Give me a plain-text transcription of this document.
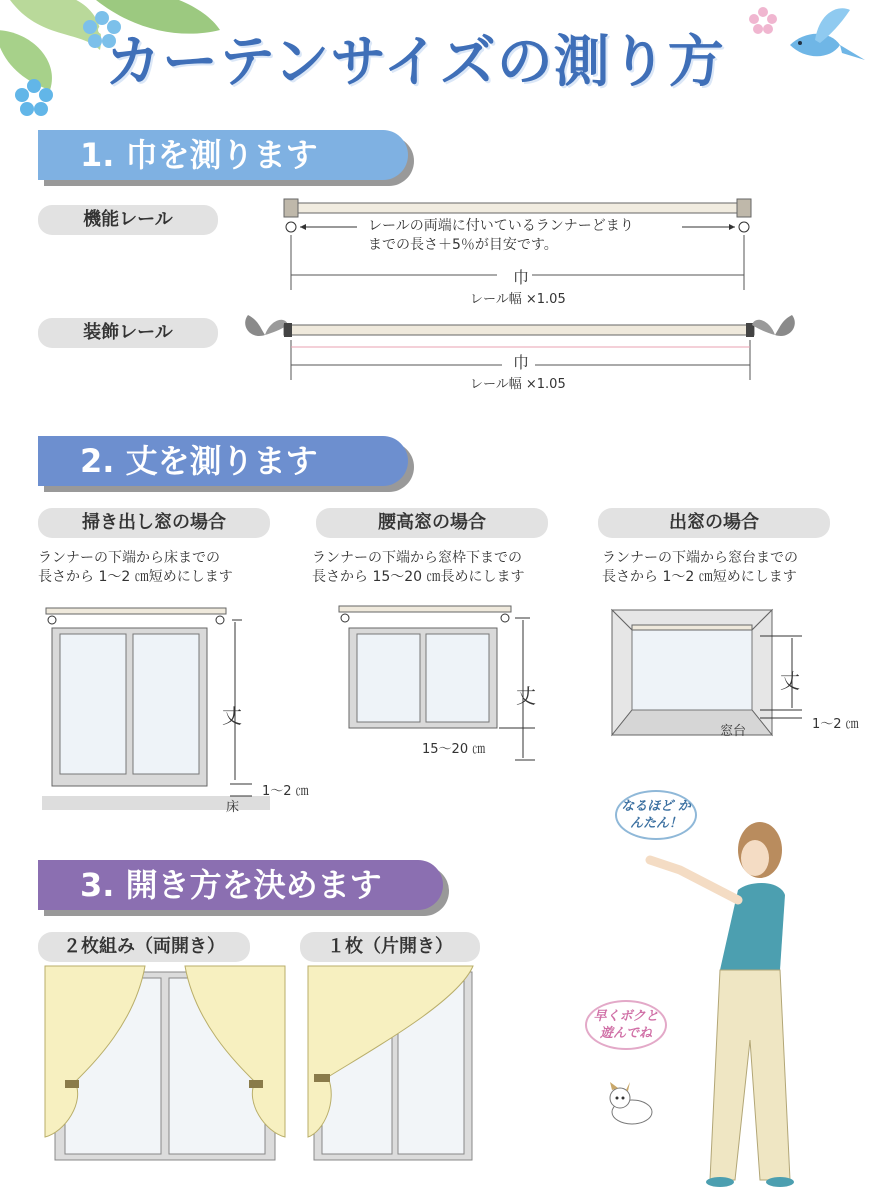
カーテンサイズの測り方
1. 巾を測ります
機能レール	レールの両端に付いているランナーどまり
までの長さ＋5％が目安です。
巾
レール幅 ×1.05
装飾レール
巾
レール幅 ×1.05
2. 丈を測ります
掃き出し窓の場合
ランナーの下端から床までの
長さから 1～2 ㎝短めにします
丈
1～2 ㎝
床
腰高窓の場合
ランナーの下端から窓枠下までの
長さから 15～20 ㎝長めにします
丈
15～20 ㎝
出窓の場合
ランナーの下端から窓台までの
長さから 1～2 ㎝短めにします
丈
1～2 ㎝
窓台
3. 開き方を決めます
２枚組み（両開き）	１枚（片開き）
なるほど かんたん！
早くボクと 遊んでね
